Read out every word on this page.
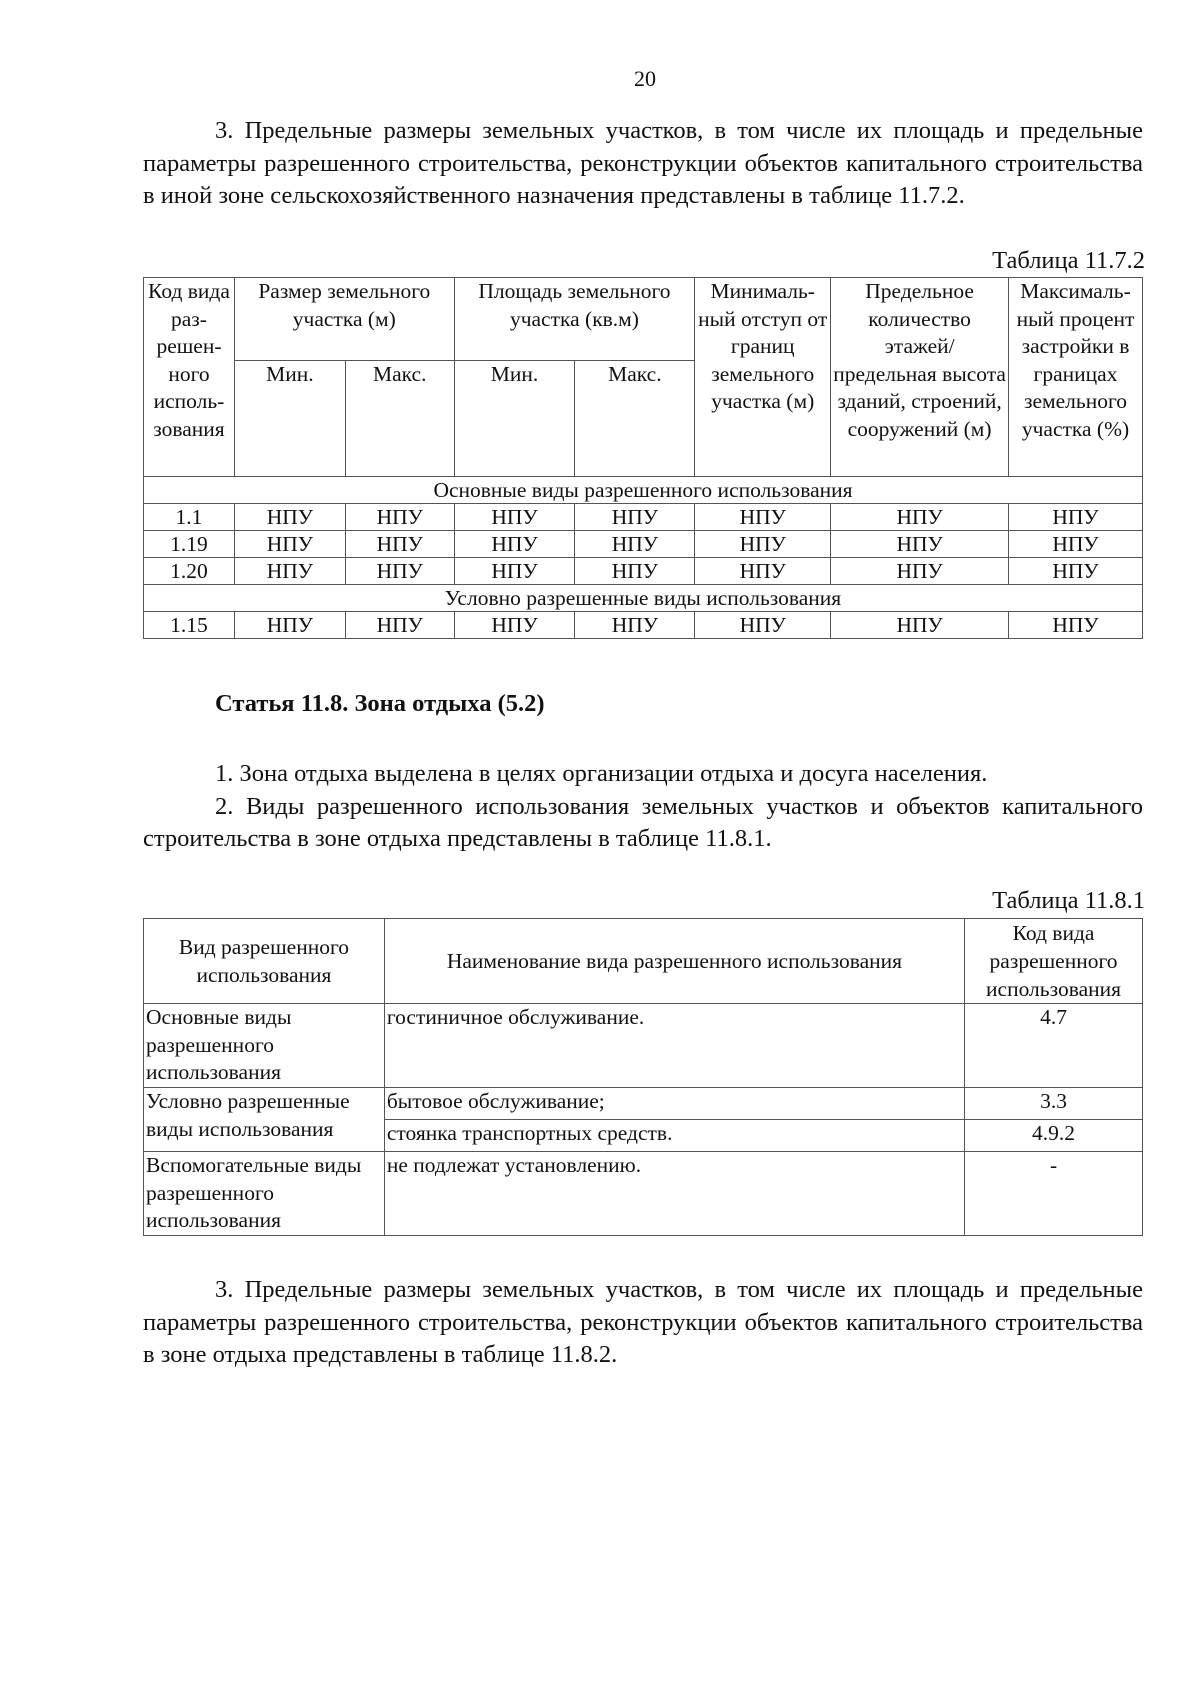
20

3. Предельные размеры земельных участков, в том числе их площадь и предельные параметры разрешенного строительства, реконструкции объектов капитального строительства в иной зоне сельскохозяйственного назначения представлены в таблице 11.7.2.

Таблица 11.7.2
Код вида раз- решен- ного исполь- зования	Размер земельного участка (м)		Площадь земельного участка (кв.м)		Минималь- ный отступ от границ земельного участка (м)	Предельное количество этажей/ предельная высота зданий, строений, сооружений (м)	Максималь- ный процент застройки в границах земельного участка (%)
	Мин.	Макс.	Мин.	Макс.			
Основные виды разрешенного использования							
1.1	НПУ	НПУ	НПУ	НПУ	НПУ	НПУ	НПУ
1.19	НПУ	НПУ	НПУ	НПУ	НПУ	НПУ	НПУ
1.20	НПУ	НПУ	НПУ	НПУ	НПУ	НПУ	НПУ
Условно разрешенные виды использования							
1.15	НПУ	НПУ	НПУ	НПУ	НПУ	НПУ	НПУ
Статья 11.8. Зона отдыха (5.2)

1. Зона отдыха выделена в целях организации отдыха и досуга населения.
2. Виды разрешенного использования земельных участков и объектов капитального строительства в зоне отдыха представлены в таблице 11.8.1.

Таблица 11.8.1
Вид разрешенного использования	Наименование вида разрешенного использования	Код вида разрешенного использования
Основные виды разрешенного использования	гостиничное обслуживание.	4.7
Условно разрешенные виды использования	бытовое обслуживание;	3.3
	стоянка транспортных средств.	4.9.2
Вспомогательные виды разрешенного использования	не подлежат установлению.	-

3. Предельные размеры земельных участков, в том числе их площадь и предельные параметры разрешенного строительства, реконструкции объектов капитального строительства в зоне отдыха представлены в таблице 11.8.2.
